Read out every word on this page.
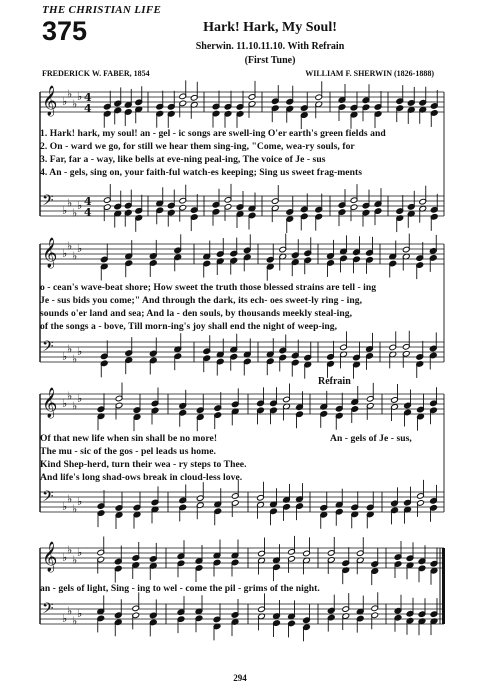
THE CHRISTIAN LIFE
375	Hark! Hark, My Soul!
Sherwin. 11.10.11.10. With Refrain
(First Tune)
FREDERICK W. FABER, 1854	WILLIAM F. SHERWIN (1826-1888)
𝄞 ♭
♭
♭
♭ 4
4
𝄢 ♭
♭
♭
♭ 4
4
𝄞 ♭
♭
♭
♭
𝄢 ♭
♭
♭
♭
𝄞 ♭
♭
♭
♭
𝄢 ♭
♭
♭
♭
𝄞 ♭
♭
♭
♭
𝄢 ♭
♭
♭
♭
1. Hark! hark, my soul! an - gel - ic songs are swell-ing O'er earth's green fields and
2. On - ward we go, for still we hear them sing-ing, "Come, wea-ry souls, for
3. Far, far a - way, like bells at eve-ning peal-ing, The voice of Je - sus
4. An - gels, sing on, your faith-ful watch-es keeping; Sing us sweet frag-ments
o - cean's wave-beat shore; How sweet the truth those blessed strains are tell - ing
Je - sus bids you come;" And through the dark, its ech- oes sweet-ly ring - ing,
sounds o'er land and sea; And la - den souls, by thousands meekly steal-ing,
of the songs a - bove, Till morn-ing's joy shall end the night of weep-ing,
Refrain
Of that new life when sin shall be no more!
The mu - sic of the gos - pel leads us home.
Kind Shep-herd, turn their wea - ry steps to Thee.
And life's long shad-ows break in cloud-less love.
An - gels of Je - sus,
an - gels of light, Sing - ing to wel - come the pil - grims of the night.
294
